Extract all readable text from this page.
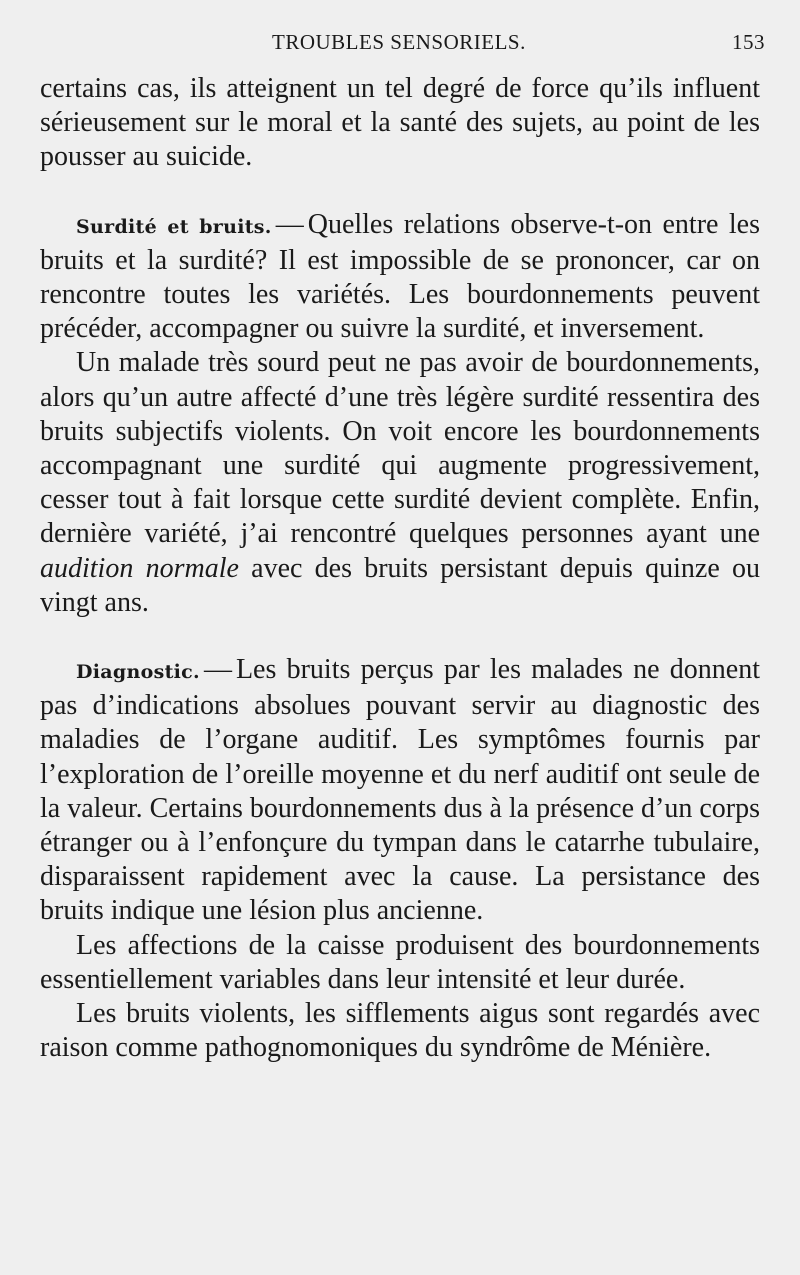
TROUBLES SENSORIELS.	153

certains cas, ils atteignent un tel degré de force qu’ils influent sérieusement sur le moral et la santé des sujets, au point de les pousser au suicide.

Surdité et bruits. — Quelles relations observe-t-on entre les bruits et la surdité? Il est impossible de se prononcer, car on rencontre toutes les variétés. Les bourdonnements peuvent précéder, accompagner ou suivre la surdité, et inversement.

Un malade très sourd peut ne pas avoir de bourdonnements, alors qu’un autre affecté d’une très légère surdité ressentira des bruits subjectifs violents. On voit encore les bourdonnements accompagnant une surdité qui augmente progressivement, cesser tout à fait lorsque cette surdité devient complète. Enfin, dernière variété, j’ai rencontré quelques personnes ayant une audition normale avec des bruits persistant depuis quinze ou vingt ans.

Diagnostic. — Les bruits perçus par les malades ne donnent pas d’indications absolues pouvant servir au diagnostic des maladies de l’organe auditif. Les symptômes fournis par l’exploration de l’oreille moyenne et du nerf auditif ont seule de la valeur. Certains bourdonnements dus à la présence d’un corps étranger ou à l’enfonçure du tympan dans le catarrhe tubulaire, disparaissent rapidement avec la cause. La persistance des bruits indique une lésion plus ancienne.

Les affections de la caisse produisent des bourdonnements essentiellement variables dans leur intensité et leur durée.

Les bruits violents, les sifflements aigus sont regardés avec raison comme pathognomoniques du syndrôme de Ménière.
